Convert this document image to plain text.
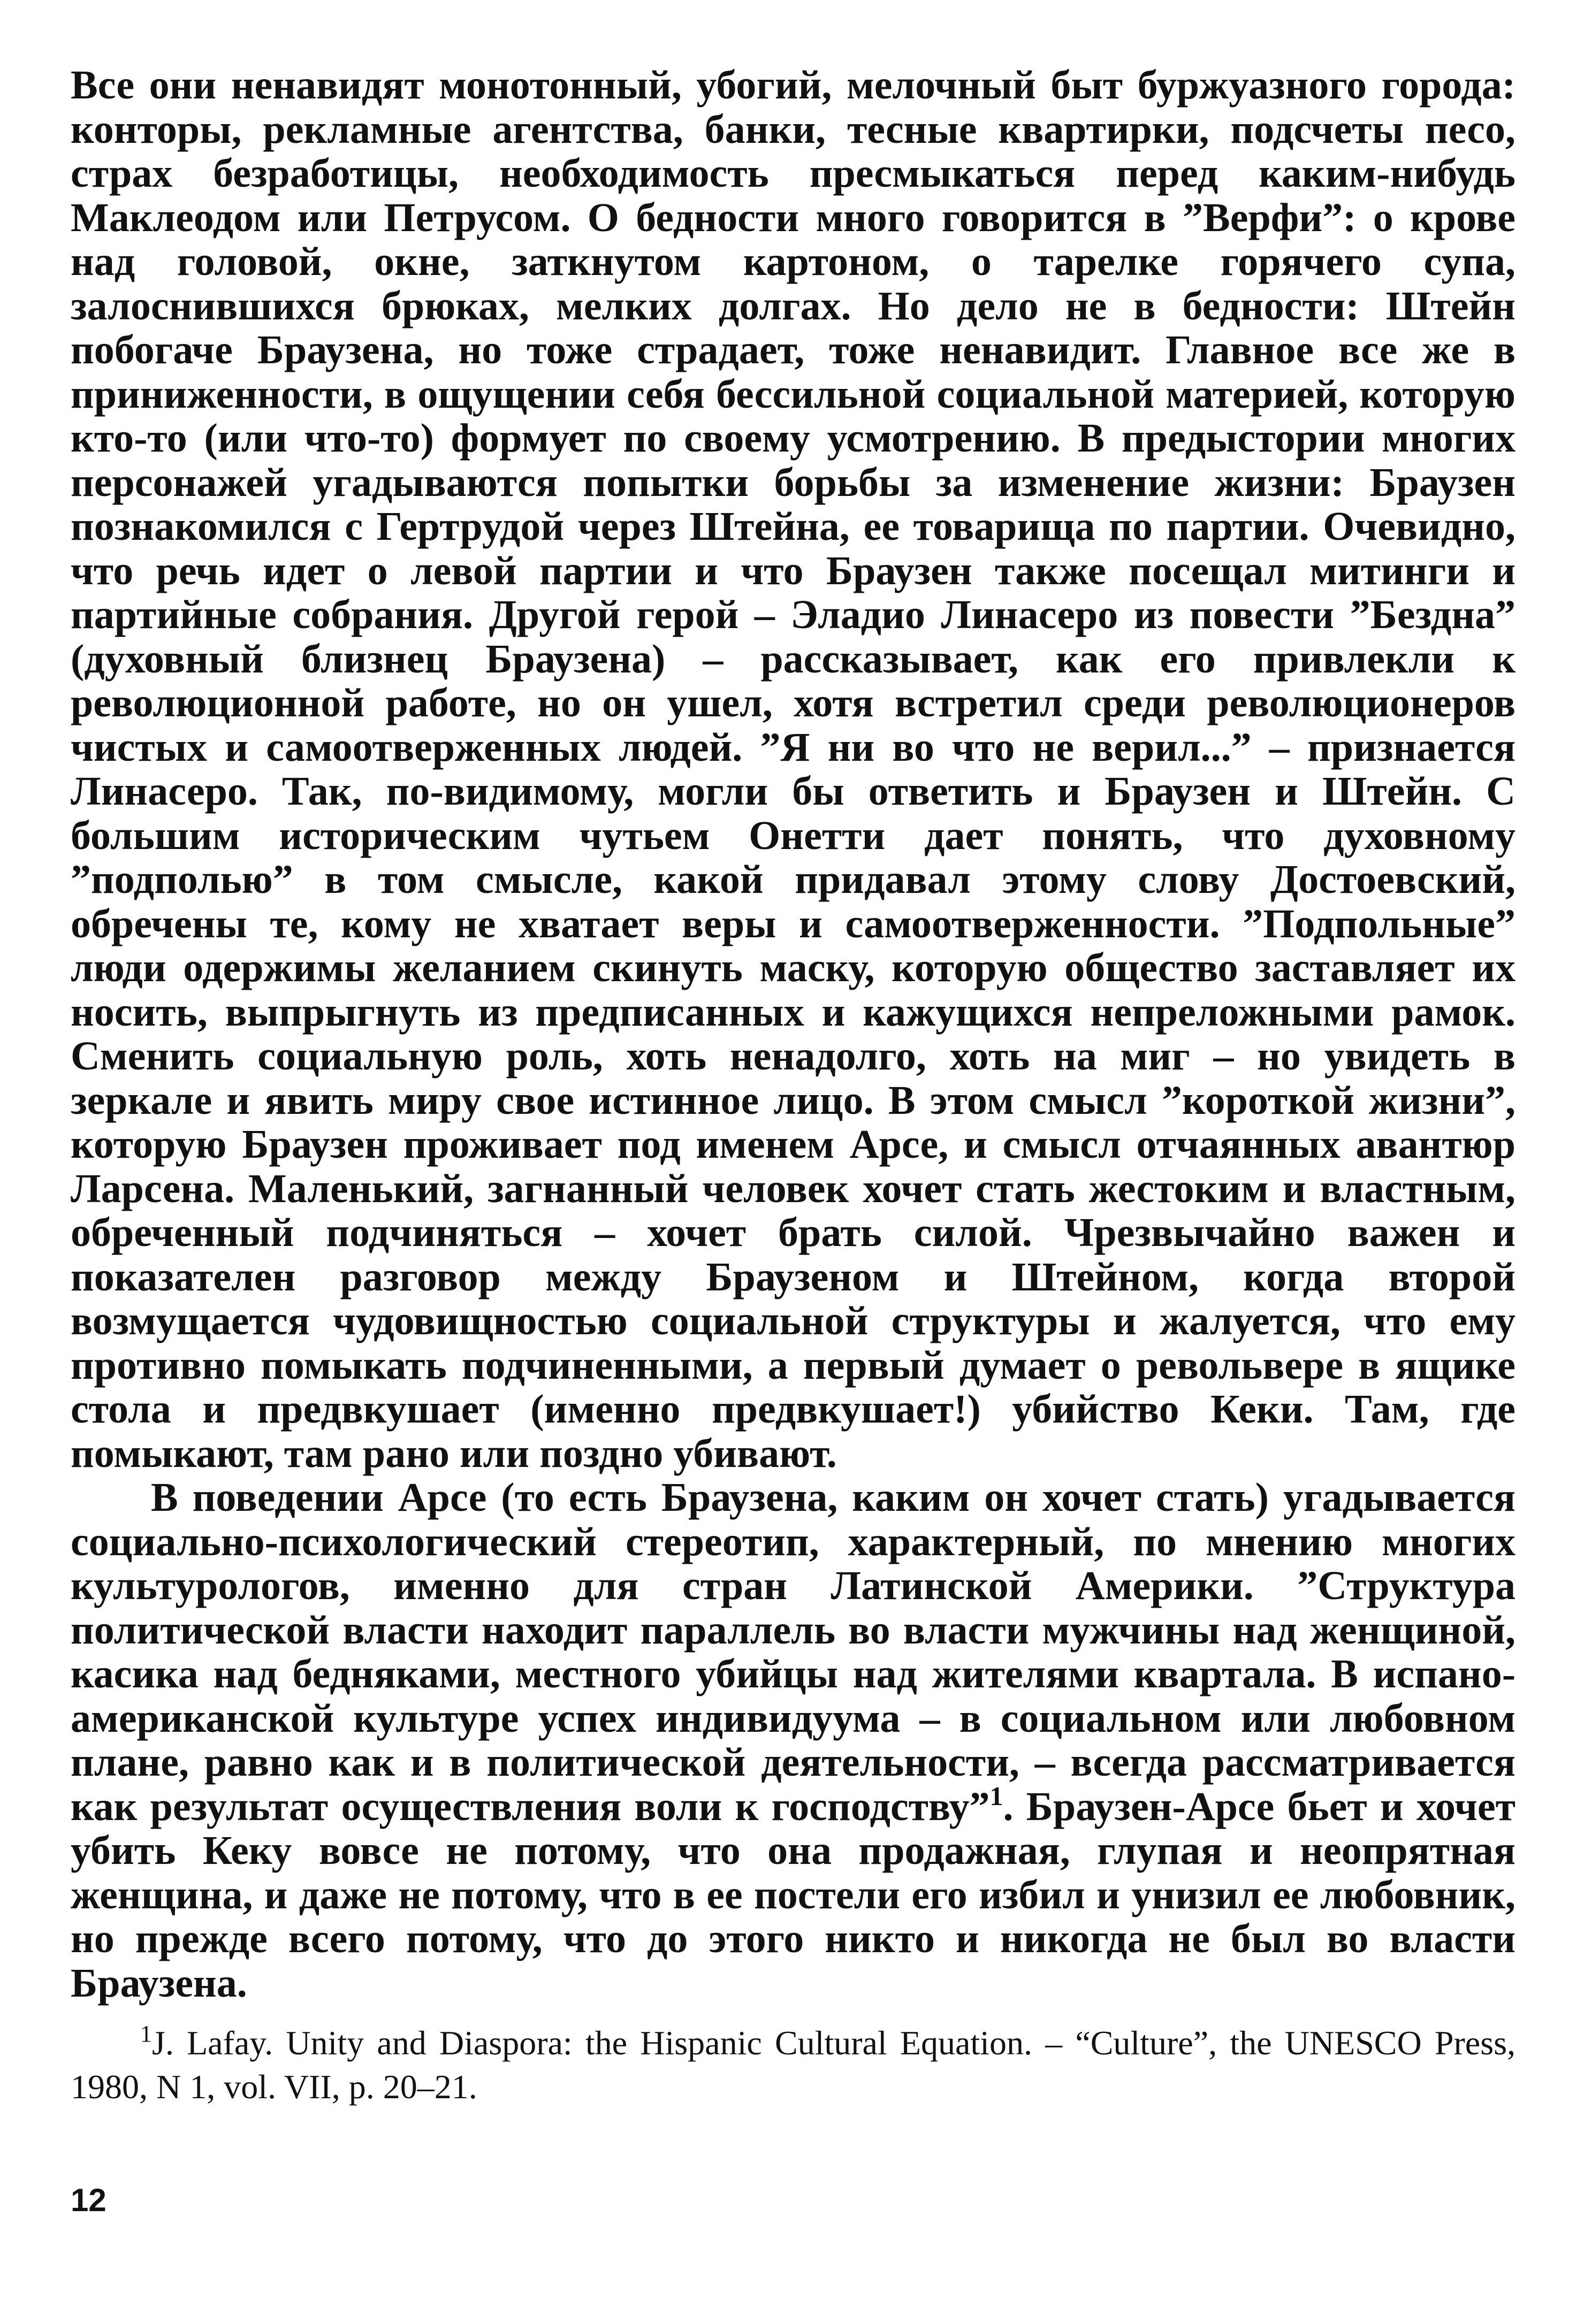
Все они ненавидят монотонный, убогий, мелочный быт буржуазного города: конторы, рекламные агентства, банки, тесные квартирки, подсчеты песо, страх безработицы, необходимость пресмыкаться перед каким-нибудь Маклеодом или Петрусом. О бедности много говорится в ”Верфи”: о крове над головой, окне, заткнутом картоном, о тарелке горячего супа, залоснившихся брюках, мелких долгах. Но дело не в бедности: Штейн побогаче Браузена, но тоже страдает, тоже ненавидит. Главное все же в приниженности, в ощущении себя бессильной социальной материей, которую кто-то (или что-то) формует по своему усмотрению. В предыстории многих персонажей угадываются попытки борьбы за изменение жизни: Браузен познакомился с Гертрудой через Штейна, ее товарища по партии. Очевидно, что речь идет о левой партии и что Браузен также посещал митинги и партийные собрания. Другой герой – Эладио Линасеро из повести ”Бездна” (духовный близнец Браузена) – рассказывает, как его привлекли к революционной работе, но он ушел, хотя встретил среди революционеров чистых и самоотверженных людей. ”Я ни во что не верил...” – признается Линасеро. Так, по-видимому, могли бы ответить и Браузен и Штейн. С большим историческим чутьем Онетти дает понять, что духовному ”подполью” в том смысле, какой придавал этому слову Достоевский, обречены те, кому не хватает веры и самоотверженности. ”Подпольные” люди одержимы желанием скинуть маску, которую общество заставляет их носить, выпрыгнуть из предписанных и кажущихся непреложными рамок. Сменить социальную роль, хоть ненадолго, хоть на миг – но увидеть в зеркале и явить миру свое истинное лицо. В этом смысл ”короткой жизни”, которую Браузен проживает под именем Арсе, и смысл отчаянных авантюр Ларсена. Маленький, загнанный человек хочет стать жестоким и властным, обреченный подчиняться – хочет брать силой. Чрезвычайно важен и показателен разговор между Браузеном и Штейном, когда второй возмущается чудовищностью социальной структуры и жалуется, что ему противно помыкать подчиненными, а первый думает о револьвере в ящике стола и предвкушает (именно предвкушает!) убийство Кеки. Там, где помыкают, там рано или поздно убивают.

В поведении Арсе (то есть Браузена, каким он хочет стать) угадывается социально-психологический стереотип, характерный, по мнению многих культурологов, именно для стран Латинской Америки. ”Структура политической власти находит параллель во власти мужчины над женщиной, касика над бедняками, местного убийцы над жителями квартала. В испано-американской культуре успех индивидуума – в социальном или любовном плане, равно как и в политической деятельности, – всегда рассматривается как результат осуществления воли к господству”$^1$. Браузен-Арсе бьет и хочет убить Кеку вовсе не потому, что она продажная, глупая и неопрятная женщина, и даже не потому, что в ее постели его избил и унизил ее любовник, но прежде всего потому, что до этого никто и никогда не был во власти Браузена.

$^1$J. Lafay. Unity and Diaspora: the Hispanic Cultural Equation. – “Culture”, the UNESCO Press, 1980, N 1, vol. VII, p. 20–21.

12
